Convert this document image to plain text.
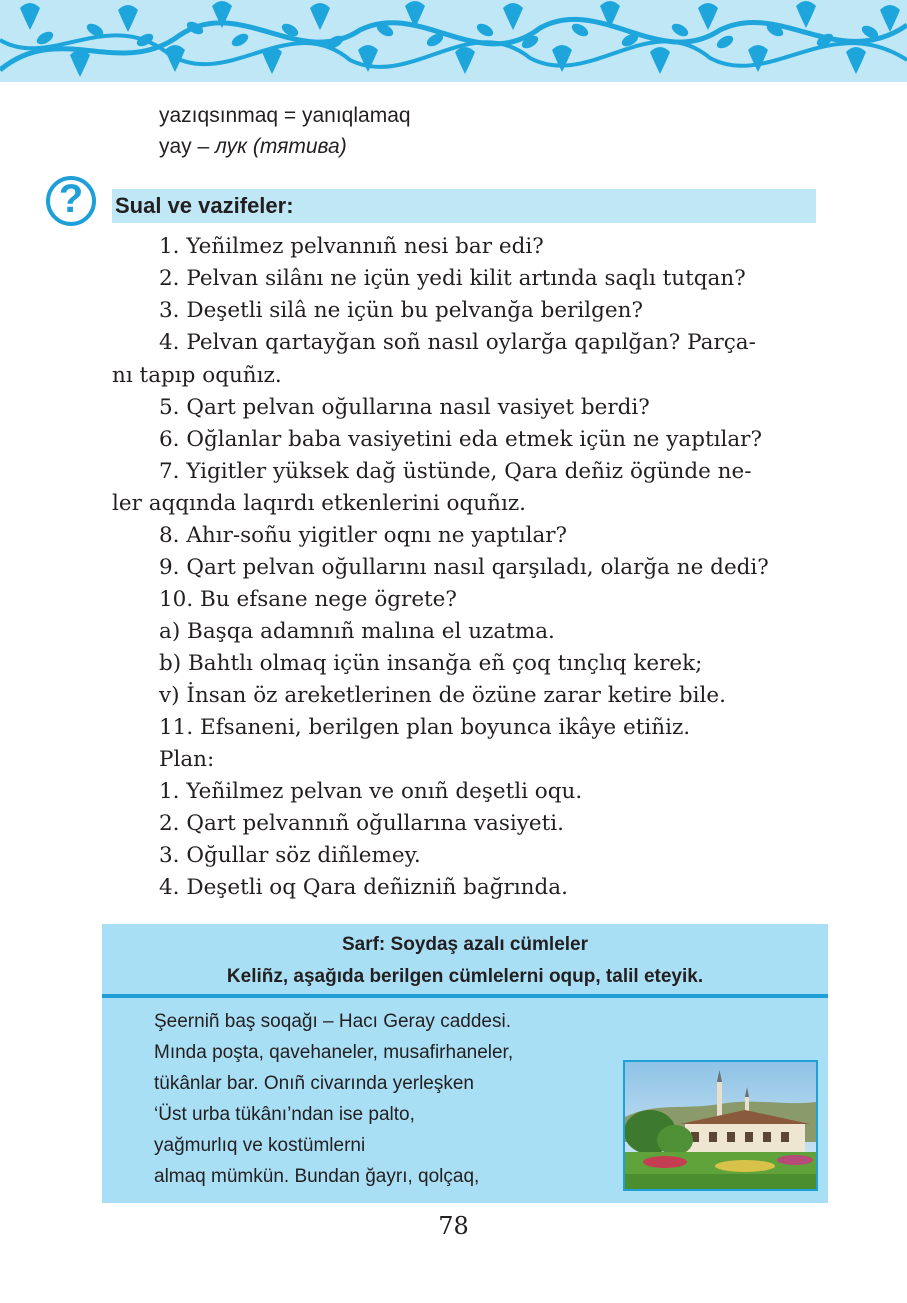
yazıqsınmaq = yanıqlamaq
yay – лук (тятива)
?	Sual ve vazifeler:
1. Yeñilmez pelvannıñ nesi bar edi?
2. Pelvan silânı ne içün yedi kilit artında saqlı tutqan?
3. Deşetli silâ ne içün bu pelvanğa berilgen?
4. Pelvan qartayğan soñ nasıl oylarğa qapılğan? Parça-
nı tapıp oquñız.
5. Qart pelvan oğullarına nasıl vasiyet berdi?
6. Oğlanlar baba vasiyetini eda etmek içün ne yaptılar?
7. Yigitler yüksek dağ üstünde, Qara deñiz ögünde ne-
ler aqqında laqırdı etkenlerini oquñız.
8. Ahır-soñu yigitler oqnı ne yaptılar?
9. Qart pelvan oğullarını nasıl qarşıladı, olarğa ne dedi?
10. Bu efsane nege ögrete?
a) Başqa adamnıñ malına el uzatma.
b) Bahtlı olmaq içün insanğa eñ çoq tınçlıq kerek;
v) İnsan öz areketlerinen de özüne zarar ketire bile.
11. Efsaneni, berilgen plan boyunca ikâye etiñiz.
Plan:
1. Yeñilmez pelvan ve onıñ deşetli oqu.
2. Qart pelvannıñ oğullarına vasiyeti.
3. Oğullar söz diñlemey.
4. Deşetli oq Qara deñizniñ bağrında.
Sarf: Soydaş azalı cümleler
Keliñz, aşağıda berilgen cümlelerni oqup, talil eteyik.
Şeerniñ baş soqağı – Hacı Geray caddesi.
Mında poşta, qavehaneler, musafirhaneler,
tükânlar bar. Onıñ civarında yerleşken
‘Üst urba tükânı’ndan ise palto,
yağmurlıq ve kostümlerni
almaq mümkün. Bundan ğayrı, qolçaq,
78
